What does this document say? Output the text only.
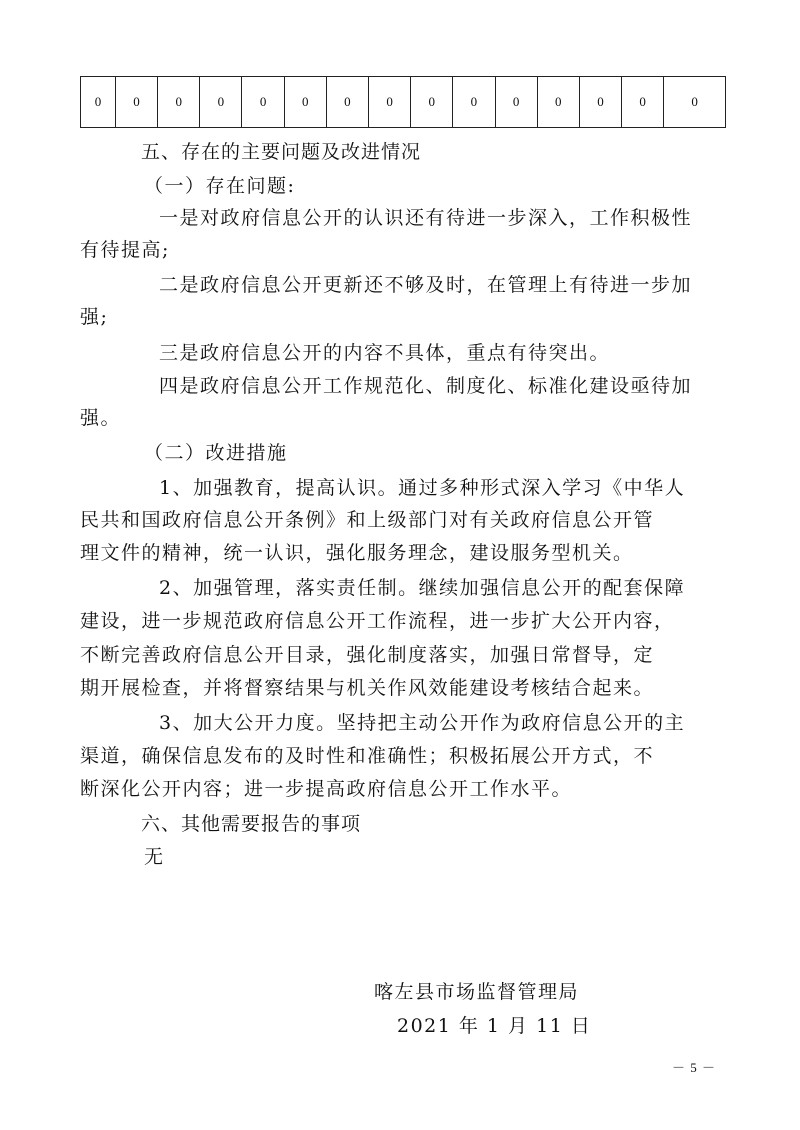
0	0	0	0	0	0	0	0	0	0	0	0	0	0	0
五、存在的主要问题及改进情况
（一）存在问题:
一是对政府信息公开的认识还有待进一步深入，工作积极性
有待提高;
二是政府信息公开更新还不够及时，在管理上有待进一步加
强;
三是政府信息公开的内容不具体，重点有待突出。
四是政府信息公开工作规范化、制度化、标准化建设亟待加
强。
（二）改进措施
1、加强教育，提高认识。通过多种形式深入学习《中华人
民共和国政府信息公开条例》和上级部门对有关政府信息公开管
理文件的精神，统一认识，强化服务理念，建设服务型机关。
2、加强管理，落实责任制。继续加强信息公开的配套保障
建设，进一步规范政府信息公开工作流程，进一步扩大公开内容，
不断完善政府信息公开目录，强化制度落实，加强日常督导，定
期开展检查，并将督察结果与机关作风效能建设考核结合起来。
3、加大公开力度。坚持把主动公开作为政府信息公开的主
渠道，确保信息发布的及时性和准确性；积极拓展公开方式，不
断深化公开内容；进一步提高政府信息公开工作水平。
六、其他需要报告的事项
无
喀左县市场监督管理局
2021 年 1 月 11 日
－ 5 －
